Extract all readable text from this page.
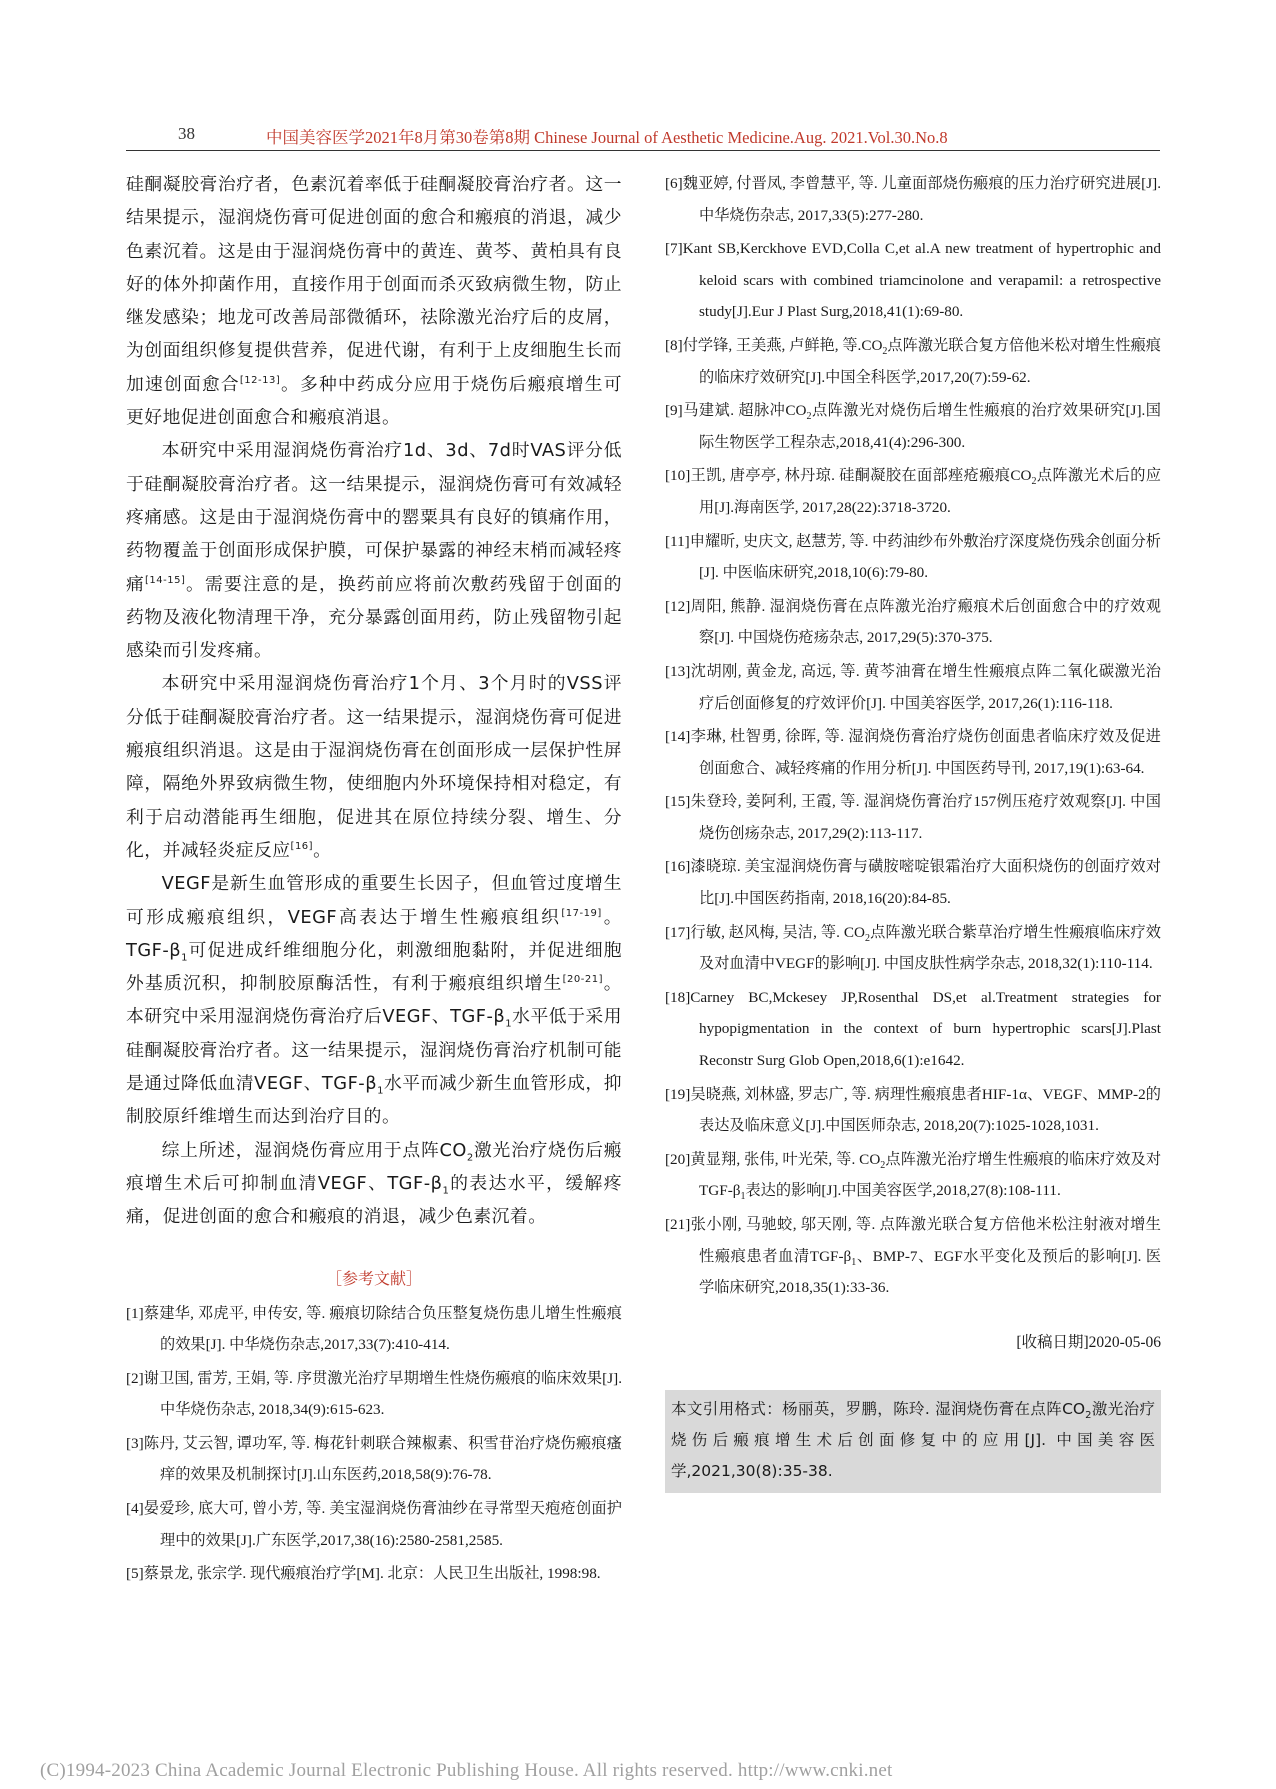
38	中国美容医学2021年8月第30卷第8期 Chinese Journal of Aesthetic Medicine.Aug. 2021.Vol.30.No.8

硅酮凝胶膏治疗者，色素沉着率低于硅酮凝胶膏治疗者。这一结果提示，湿润烧伤膏可促进创面的愈合和瘢痕的消退，减少色素沉着。这是由于湿润烧伤膏中的黄连、黄芩、黄柏具有良好的体外抑菌作用，直接作用于创面而杀灭致病微生物，防止继发感染；地龙可改善局部微循环，祛除激光治疗后的皮屑，为创面组织修复提供营养，促进代谢，有利于上皮细胞生长而加速创面愈合[12-13]。多种中药成分应用于烧伤后瘢痕增生可更好地促进创面愈合和瘢痕消退。

本研究中采用湿润烧伤膏治疗1d、3d、7d时VAS评分低于硅酮凝胶膏治疗者。这一结果提示，湿润烧伤膏可有效减轻疼痛感。这是由于湿润烧伤膏中的罂粟具有良好的镇痛作用，药物覆盖于创面形成保护膜，可保护暴露的神经末梢而减轻疼痛[14-15]。需要注意的是，换药前应将前次敷药残留于创面的药物及液化物清理干净，充分暴露创面用药，防止残留物引起感染而引发疼痛。

本研究中采用湿润烧伤膏治疗1个月、3个月时的VSS评分低于硅酮凝胶膏治疗者。这一结果提示，湿润烧伤膏可促进瘢痕组织消退。这是由于湿润烧伤膏在创面形成一层保护性屏障，隔绝外界致病微生物，使细胞内外环境保持相对稳定，有利于启动潜能再生细胞，促进其在原位持续分裂、增生、分化，并减轻炎症反应[16]。

VEGF是新生血管形成的重要生长因子，但血管过度增生可形成瘢痕组织，VEGF高表达于增生性瘢痕组织[17-19]。TGF-$\beta_1$可促进成纤维细胞分化，刺激细胞黏附，并促进细胞外基质沉积，抑制胶原酶活性，有利于瘢痕组织增生[20-21]。本研究中采用湿润烧伤膏治疗后VEGF、TGF-$\beta_1$水平低于采用硅酮凝胶膏治疗者。这一结果提示，湿润烧伤膏治疗机制可能是通过降低血清VEGF、TGF-$\beta_1$水平而减少新生血管形成，抑制胶原纤维增生而达到治疗目的。

综上所述，湿润烧伤膏应用于点阵$CO_2$激光治疗烧伤后瘢痕增生术后可抑制血清VEGF、TGF-$\beta_1$的表达水平，缓解疼痛，促进创面的愈合和瘢痕的消退，减少色素沉着。

［参考文献］

[1]蔡建华, 邓虎平, 申传安, 等. 瘢痕切除结合负压整复烧伤患儿增生性瘢痕的效果[J]. 中华烧伤杂志,2017,33(7):410-414.

[2]谢卫国, 雷芳, 王娟, 等. 序贯激光治疗早期增生性烧伤瘢痕的临床效果[J].中华烧伤杂志, 2018,34(9):615-623.

[3]陈丹, 艾云智, 谭功军, 等. 梅花针刺联合辣椒素、积雪苷治疗烧伤瘢痕瘙痒的效果及机制探讨[J].山东医药,2018,58(9):76-78.

[4]晏爱珍, 底大可, 曾小芳, 等. 美宝湿润烧伤膏油纱在寻常型天疱疮创面护理中的效果[J].广东医学,2017,38(16):2580-2581,2585.

[5]蔡景龙, 张宗学. 现代瘢痕治疗学[M]. 北京：人民卫生出版社, 1998:98.

[6]魏亚婷, 付晋凤, 李曾慧平, 等. 儿童面部烧伤瘢痕的压力治疗研究进展[J].中华烧伤杂志, 2017,33(5):277-280.

[7]Kant SB,Kerckhove EVD,Colla C,et al.A new treatment of hypertrophic and keloid scars with combined triamcinolone and verapamil: a retrospective study[J].Eur J Plast Surg,2018,41(1):69-80.

[8]付学锋, 王美燕, 卢鲜艳, 等$.CO_2$点阵激光联合复方倍他米松对增生性瘢痕的临床疗效研究[J].中国全科医学,2017,20(7):59-62.

[9]马建斌. 超脉冲$CO_2$点阵激光对烧伤后增生性瘢痕的治疗效果研究[J].国际生物医学工程杂志,2018,41(4):296-300.

[10]王凯, 唐亭亭, 林丹琼. 硅酮凝胶在面部痤疮瘢痕$CO_2$点阵激光术后的应用[J].海南医学, 2017,28(22):3718-3720.

[11]申耀昕, 史庆文, 赵慧芳, 等. 中药油纱布外敷治疗深度烧伤残余创面分析[J]. 中医临床研究,2018,10(6):79-80.

[12]周阳, 熊静. 湿润烧伤膏在点阵激光治疗瘢痕术后创面愈合中的疗效观察[J]. 中国烧伤疮疡杂志, 2017,29(5):370-375.

[13]沈胡刚, 黄金龙, 高远, 等. 黄芩油膏在增生性瘢痕点阵二氧化碳激光治疗后创面修复的疗效评价[J]. 中国美容医学, 2017,26(1):116-118.

[14]李琳, 杜智勇, 徐晖, 等. 湿润烧伤膏治疗烧伤创面患者临床疗效及促进创面愈合、减轻疼痛的作用分析[J]. 中国医药导刊, 2017,19(1):63-64.

[15]朱登玲, 姜阿利, 王霞, 等. 湿润烧伤膏治疗157例压疮疗效观察[J]. 中国烧伤创疡杂志, 2017,29(2):113-117.

[16]漆晓琼. 美宝湿润烧伤膏与磺胺嘧啶银霜治疗大面积烧伤的创面疗效对比[J].中国医药指南, 2018,16(20):84-85.

[17]行敏, 赵风梅, 吴洁, 等. $CO_2$点阵激光联合紫草治疗增生性瘢痕临床疗效及对血清中VEGF的影响[J]. 中国皮肤性病学杂志, 2018,32(1):110-114.

[18]Carney BC,Mckesey JP,Rosenthal DS,et al.Treatment strategies for hypopigmentation in the context of burn hypertrophic scars[J].Plast Reconstr Surg Glob Open,2018,6(1):e1642.

[19]吴晓燕, 刘林盛, 罗志广, 等. 病理性瘢痕患者HIF-1α、VEGF、MMP-2的表达及临床意义[J].中国医师杂志, 2018,20(7):1025-1028,1031.

[20]黄显翔, 张伟, 叶光荣, 等. $CO_2$点阵激光治疗增生性瘢痕的临床疗效及对TGF-$\beta_1$表达的影响[J].中国美容医学,2018,27(8):108-111.

[21]张小刚, 马驰蛟, 邬天刚, 等. 点阵激光联合复方倍他米松注射液对增生性瘢痕患者血清TGF-$\beta_1$、BMP-7、EGF水平变化及预后的影响[J]. 医学临床研究,2018,35(1):33-36.

[收稿日期]2020-05-06
本文引用格式：杨丽英，罗鹏，陈玲. 湿润烧伤膏在点阵$CO_2$激光治疗烧伤后瘢痕增生术后创面修复中的应用[J]. 中国美容医学,2021,30(8):35-38.
(C)1994-2023 China Academic Journal Electronic Publishing House. All rights reserved. http://www.cnki.net
